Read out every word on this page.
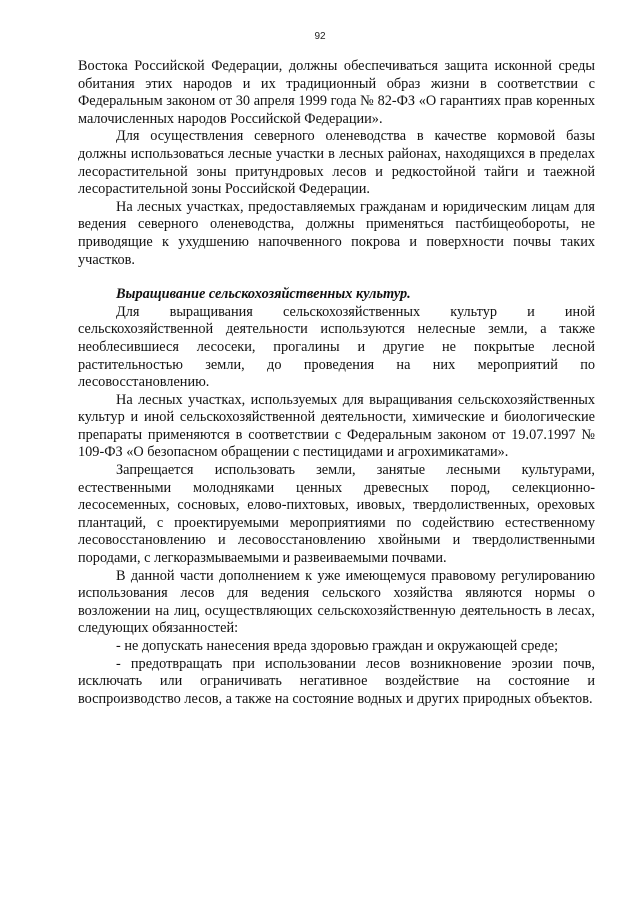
92

Востока Российской Федерации, должны обеспечиваться защита исконной среды обитания этих народов и их традиционный образ жизни в соответствии с Федеральным законом от 30 апреля 1999 года № 82-ФЗ «О гарантиях прав коренных малочисленных народов Российской Федерации».

Для осуществления северного оленеводства в качестве кормовой базы должны использоваться лесные участки в лесных районах, находящихся в пределах лесорастительной зоны притундровых лесов и редкостойной тайги и таежной лесорастительной зоны Российской Федерации.

На лесных участках, предоставляемых гражданам и юридическим лицам для ведения северного оленеводства, должны применяться пастбищеобороты, не приводящие к ухудшению напочвенного покрова и поверхности почвы таких участков.

Выращивание сельскохозяйственных культур.

Для выращивания сельскохозяйственных культур и иной сельскохозяйственной деятельности используются нелесные земли, а также необлесившиеся лесосеки, прогалины и другие не покрытые лесной растительностью земли, до проведения на них мероприятий по лесовосстановлению.

На лесных участках, используемых для выращивания сельскохозяйственных культур и иной сельскохозяйственной деятельности, химические и биологические препараты применяются в соответствии с Федеральным законом от 19.07.1997 № 109-ФЗ «О безопасном обращении с пестицидами и агрохимикатами».

Запрещается использовать земли, занятые лесными культурами, естественными молодняками ценных древесных пород, селекционно-лесосеменных, сосновых, елово-пихтовых, ивовых, твердолиственных, ореховых плантаций, с проектируемыми мероприятиями по содействию естественному лесовосстановлению и лесовосстановлению хвойными и твердолиственными породами, с легкоразмываемыми и развеиваемыми почвами.

В данной части дополнением к уже имеющемуся правовому регулированию использования лесов для ведения сельского хозяйства являются нормы о возложении на лиц, осуществляющих сельскохозяйственную деятельность в лесах, следующих обязанностей:

- не допускать нанесения вреда здоровью граждан и окружающей среде;
- предотвращать при использовании лесов возникновение эрозии почв, исключать или ограничивать негативное воздействие на состояние и воспроизводство лесов, а также на состояние водных и других природных объектов.
